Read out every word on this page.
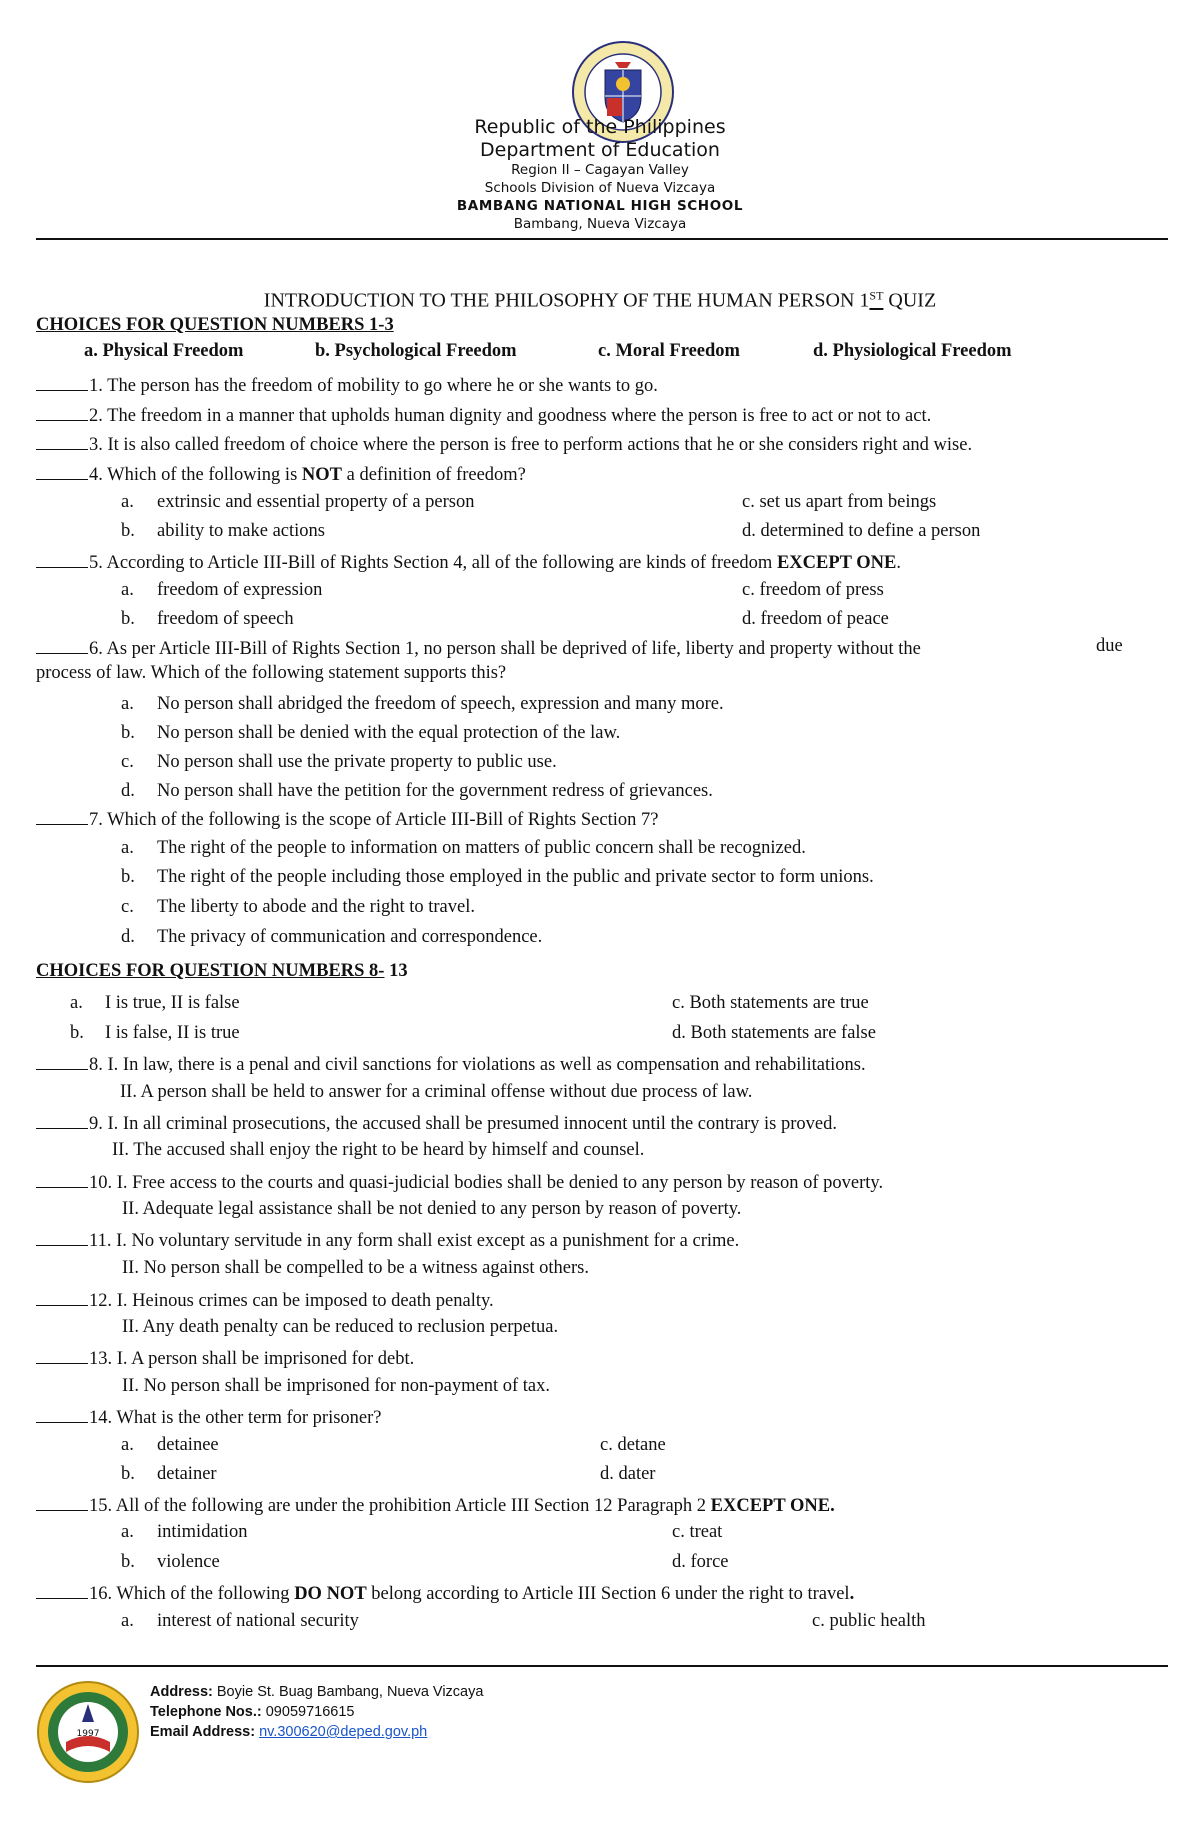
Republic of the Philippines
Department of Education
Region II – Cagayan Valley
Schools Division of Nueva Vizcaya
BAMBANG NATIONAL HIGH SCHOOL
Bambang, Nueva Vizcaya
INTRODUCTION TO THE PHILOSOPHY OF THE HUMAN PERSON 1ST QUIZ
CHOICES FOR QUESTION NUMBERS 1-3
a. Physical Freedom	b. Psychological Freedom	c. Moral Freedom	d. Physiological Freedom
1. The person has the freedom of mobility to go where he or she wants to go.
2. The freedom in a manner that upholds human dignity and goodness where the person is free to act or not to act.
3. It is also called freedom of choice where the person is free to perform actions that he or she considers right and wise.
4. Which of the following is NOT a definition of freedom?
a. extrinsic and essential property of a person	c. set us apart from beings
b. ability to make actions	d. determined to define a person
5. According to Article III-Bill of Rights Section 4, all of the following are kinds of freedom EXCEPT ONE.
a. freedom of expression	c. freedom of press
b. freedom of speech	d. freedom of peace
6. As per Article III-Bill of Rights Section 1, no person shall be deprived of life, liberty and property without the	due
process of law. Which of the following statement supports this?
a. No person shall abridged the freedom of speech, expression and many more.
b. No person shall be denied with the equal protection of the law.
c. No person shall use the private property to public use.
d. No person shall have the petition for the government redress of grievances.
7. Which of the following is the scope of Article III-Bill of Rights Section 7?
a. The right of the people to information on matters of public concern shall be recognized.
b. The right of the people including those employed in the public and private sector to form unions.
c. The liberty to abode and the right to travel.
d. The privacy of communication and correspondence.
CHOICES FOR QUESTION NUMBERS 8- 13
a. I is true, II is false	c. Both statements are true
b. I is false, II is true	d. Both statements are false
8. I. In law, there is a penal and civil sanctions for violations as well as compensation and rehabilitations.
II. A person shall be held to answer for a criminal offense without due process of law.
9. I. In all criminal prosecutions, the accused shall be presumed innocent until the contrary is proved.
II. The accused shall enjoy the right to be heard by himself and counsel.
10. I. Free access to the courts and quasi-judicial bodies shall be denied to any person by reason of poverty.
II. Adequate legal assistance shall be not denied to any person by reason of poverty.
11. I. No voluntary servitude in any form shall exist except as a punishment for a crime.
II. No person shall be compelled to be a witness against others.
12. I. Heinous crimes can be imposed to death penalty.
II. Any death penalty can be reduced to reclusion perpetua.
13. I. A person shall be imprisoned for debt.
II. No person shall be imprisoned for non-payment of tax.
14. What is the other term for prisoner?
a. detainee	c. detane
b. detainer	d. dater
15. All of the following are under the prohibition Article III Section 12 Paragraph 2 EXCEPT ONE.
a. intimidation	c. treat
b. violence	d. force
16. Which of the following DO NOT belong according to Article III Section 6 under the right to travel.
a. interest of national security	c. public health
1997
Address: Boyie St. Buag Bambang, Nueva Vizcaya
Telephone Nos.: 09059716615
Email Address: nv.300620@deped.gov.ph
